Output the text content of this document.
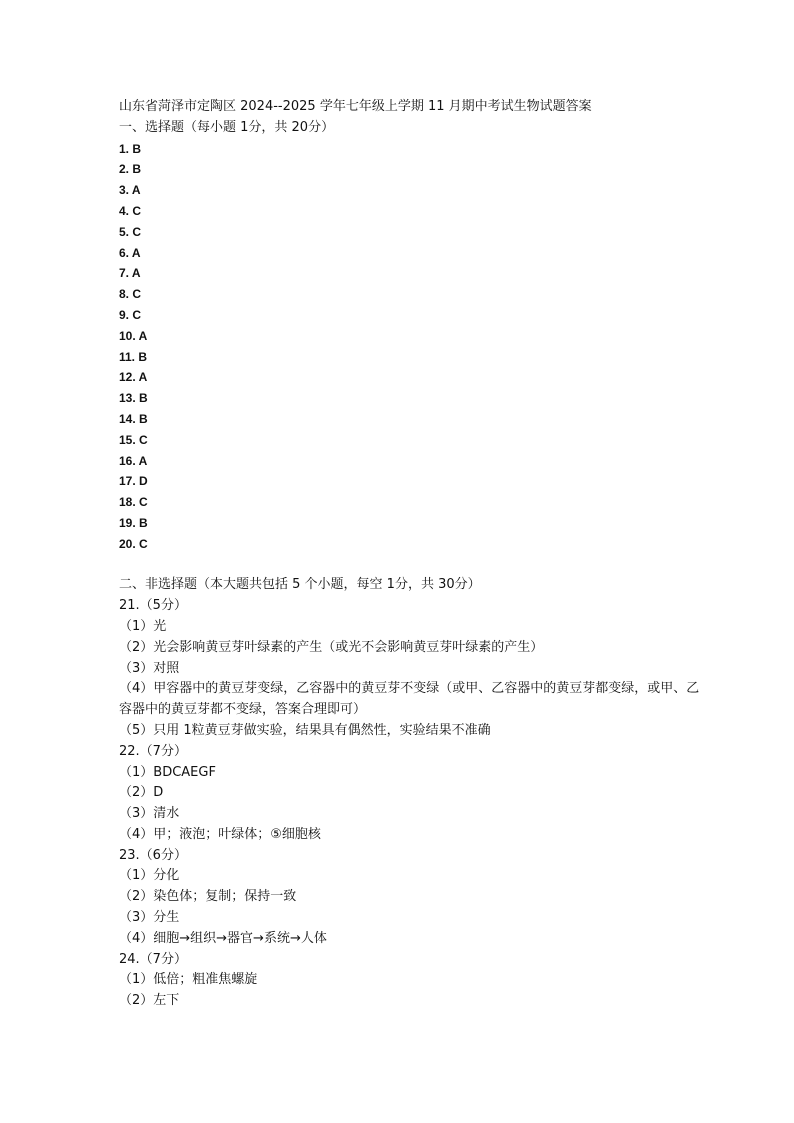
山东省菏泽市定陶区 2024--2025 学年七年级上学期 11 月期中考试生物试题答案
一、选择题（每小题 1分，共 20分）
1. B
2. B
3. A
4. C
5. C
6. A
7. A
8. C
9. C
10. A
11. B
12. A
13. B
14. B
15. C
16. A
17. D
18. C
19. B
20. C
二、非选择题（本大题共包括 5 个小题，每空 1分，共 30分）
21.（5分）
（1）光
（2）光会影响黄豆芽叶绿素的产生（或光不会影响黄豆芽叶绿素的产生）
（3）对照
（4）甲容器中的黄豆芽变绿，乙容器中的黄豆芽不变绿（或甲、乙容器中的黄豆芽都变绿，或甲、乙容器中的黄豆芽都不变绿，答案合理即可）
（5）只用 1粒黄豆芽做实验，结果具有偶然性，实验结果不准确
22.（7分）
（1）BDCAEGF
（2）D
（3）清水
（4）甲；液泡；叶绿体；⑤细胞核
23.（6分）
（1）分化
（2）染色体；复制；保持一致
（3）分生
（4）细胞→组织→器官→系统→人体
24.（7分）
（1）低倍；粗准焦螺旋
（2）左下
